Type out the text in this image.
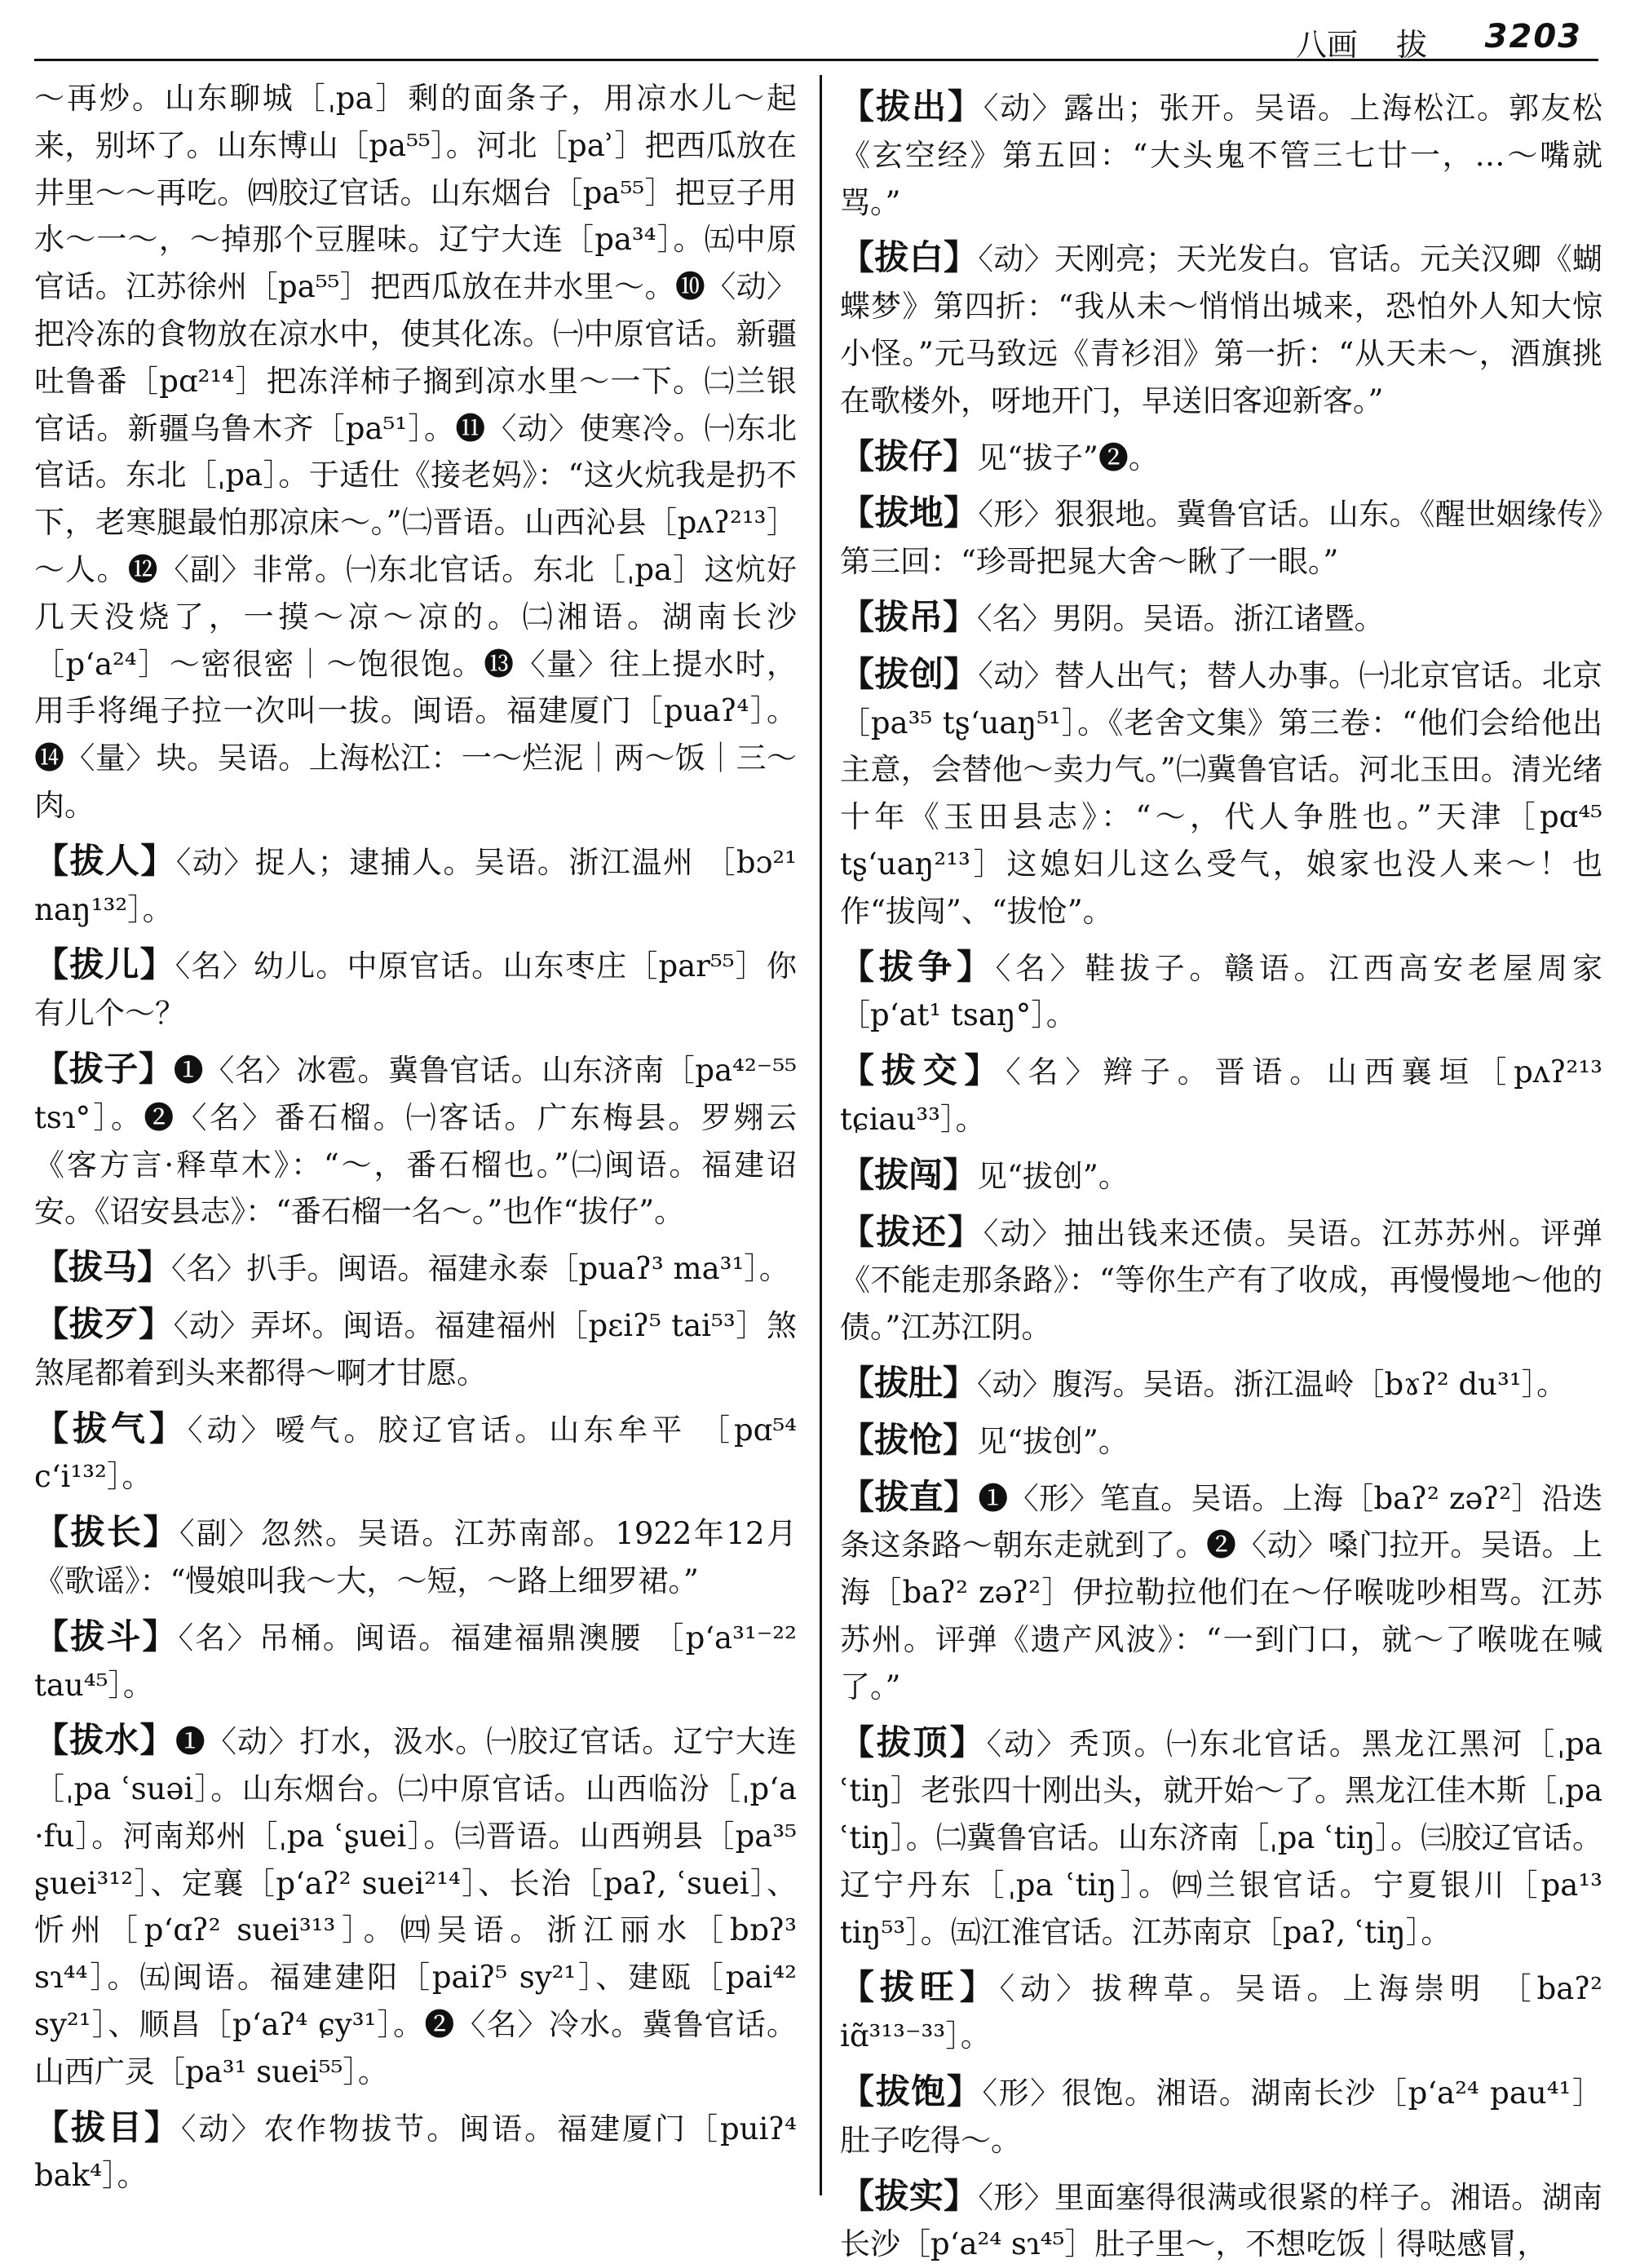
八画 拔 3203

～再炒。山东聊城［ˌpa］剩的面条子，用凉水儿～起来，别坏了。山东博山［pa⁵⁵］。河北［paʾ］把西瓜放在井里～～再吃。㈣胶辽官话。山东烟台［pa⁵⁵］把豆子用水～一～，～掉那个豆腥味。辽宁大连［pa³⁴］。㈤中原官话。江苏徐州［pa⁵⁵］把西瓜放在井水里～。❿〈动〉把冷冻的食物放在凉水中，使其化冻。㈠中原官话。新疆吐鲁番［pɑ²¹⁴］把冻洋柿子搁到凉水里～一下。㈡兰银官话。新疆乌鲁木齐［pa⁵¹］。⓫〈动〉使寒冷。㈠东北官话。东北［ˌpa］。于适仕《接老妈》：“这火炕我是扔不下，老寒腿最怕那凉床～。”㈡晋语。山西沁县［pʌʔ²¹³］～人。⓬〈副〉非常。㈠东北官话。东北［ˌpa］这炕好几天没烧了，一摸～凉～凉的。㈡湘语。湖南长沙［pʻa²⁴］～密很密｜～饱很饱。⓭〈量〉往上提水时，用手将绳子拉一次叫一拔。闽语。福建厦门［puaʔ⁴］。⓮〈量〉块。吴语。上海松江：一～烂泥｜两～饭｜三～肉。

【拔人】〈动〉捉人；逮捕人。吴语。浙江温州 ［bɔ²¹ naŋ¹³²］。

【拔儿】〈名〉幼儿。中原官话。山东枣庄［par⁵⁵］你有儿个～？

【拔子】❶〈名〉冰雹。冀鲁官话。山东济南［pa⁴²⁻⁵⁵ tsɿ°］。❷〈名〉番石榴。㈠客话。广东梅县。罗翙云《客方言·释草木》：“～，番石榴也。”㈡闽语。福建诏安。《诏安县志》：“番石榴一名～。”也作“拔仔”。

【拔马】〈名〉扒手。闽语。福建永泰［puaʔ³ ma³¹］。

【拔歹】〈动〉弄坏。闽语。福建福州［pɛiʔ⁵ tai⁵³］煞煞尾都着到头来都得～啊才甘愿。

【拔气】〈动〉嗳气。胶辽官话。山东牟平 ［pɑ⁵⁴ cʻi¹³²］。

【拔长】〈副〉忽然。吴语。江苏南部。1922年12月《歌谣》：“慢娘叫我～大，～短，～路上细罗裙。”

【拔斗】〈名〉吊桶。闽语。福建福鼎澳腰 ［pʻa³¹⁻²² tau⁴⁵］。

【拔水】❶〈动〉打水，汲水。㈠胶辽官话。辽宁大连［ˌpa ʿsuəi］。山东烟台。㈡中原官话。山西临汾［ˌpʻa ·fu］。河南郑州［ˌpa ʿʂuei］。㈢晋语。山西朔县［pa³⁵ ʂuei³¹²］、定襄［pʻaʔ² suei²¹⁴］、长治［paʔ, ʿsuei］、忻州［pʻɑʔ² suei³¹³］。㈣吴语。浙江丽水［bɒʔ³ sɿ⁴⁴］。㈤闽语。福建建阳［paiʔ⁵ sy²¹］、建瓯［pai⁴² sy²¹］、顺昌［pʻaʔ⁴ ɕy³¹］。❷〈名〉冷水。冀鲁官话。山西广灵［pa³¹ suei⁵⁵］。

【拔目】〈动〉农作物拔节。闽语。福建厦门［puiʔ⁴ bak⁴］。

【拔出】〈动〉露出；张开。吴语。上海松江。郭友松《玄空经》第五回：“大头鬼不管三七廿一，…～嘴就骂。”

【拔白】〈动〉天刚亮；天光发白。官话。元关汉卿《蝴蝶梦》第四折：“我从未～悄悄出城来，恐怕外人知大惊小怪。”元马致远《青衫泪》第一折：“从天未～，酒旗挑在歌楼外，呀地开门，早送旧客迎新客。”

【拔仔】见“拔子”❷。

【拔地】〈形〉狠狠地。冀鲁官话。山东。《醒世姻缘传》第三回：“珍哥把晁大舍～瞅了一眼。”

【拔吊】〈名〉男阴。吴语。浙江诸暨。

【拔创】〈动〉替人出气；替人办事。㈠北京官话。北京［pa³⁵ tʂʻuaŋ⁵¹］。《老舍文集》第三卷：“他们会给他出主意，会替他～卖力气。”㈡冀鲁官话。河北玉田。清光绪十年《玉田县志》：“～，代人争胜也。”天津［pɑ⁴⁵ tʂʻuaŋ²¹³］这媳妇儿这么受气，娘家也没人来～！也作“拔闯”、“拔怆”。

【拔争】〈名〉鞋拔子。赣语。江西高安老屋周家［pʻat¹ tsaŋ°］。

【拔交】〈名〉辫子。晋语。山西襄垣［pʌʔ²¹³ tɕiau³³］。

【拔闯】见“拔创”。

【拔还】〈动〉抽出钱来还债。吴语。江苏苏州。评弹《不能走那条路》：“等你生产有了收成，再慢慢地～他的债。”江苏江阴。

【拔肚】〈动〉腹泻。吴语。浙江温岭［bɤʔ² du³¹］。

【拔怆】见“拔创”。

【拔直】❶〈形〉笔直。吴语。上海［baʔ² zəʔ²］沿迭条这条路～朝东走就到了。❷〈动〉嗓门拉开。吴语。上海［baʔ² zəʔ²］伊拉勒拉他们在～仔喉咙吵相骂。江苏苏州。评弹《遗产风波》：“一到门口，就～了喉咙在喊了。”

【拔顶】〈动〉秃顶。㈠东北官话。黑龙江黑河［ˌpa ʿtiŋ］老张四十刚出头，就开始～了。黑龙江佳木斯［ˌpa ʿtiŋ］。㈡冀鲁官话。山东济南［ˌpa ʿtiŋ］。㈢胶辽官话。辽宁丹东［ˌpa ʿtiŋ］。㈣兰银官话。宁夏银川［pa¹³ tiŋ⁵³］。㈤江淮官话。江苏南京［paʔ, ʿtiŋ］。

【拔旺】〈动〉拔稗草。吴语。上海崇明 ［baʔ² iɑ̃³¹³⁻³³］。

【拔饱】〈形〉很饱。湘语。湖南长沙［pʻa²⁴ pau⁴¹］肚子吃得～。

【拔实】〈形〉里面塞得很满或很紧的样子。湘语。湖南长沙［pʻa²⁴ sɿ⁴⁵］肚子里～，不想吃饭｜得哒感冒，
